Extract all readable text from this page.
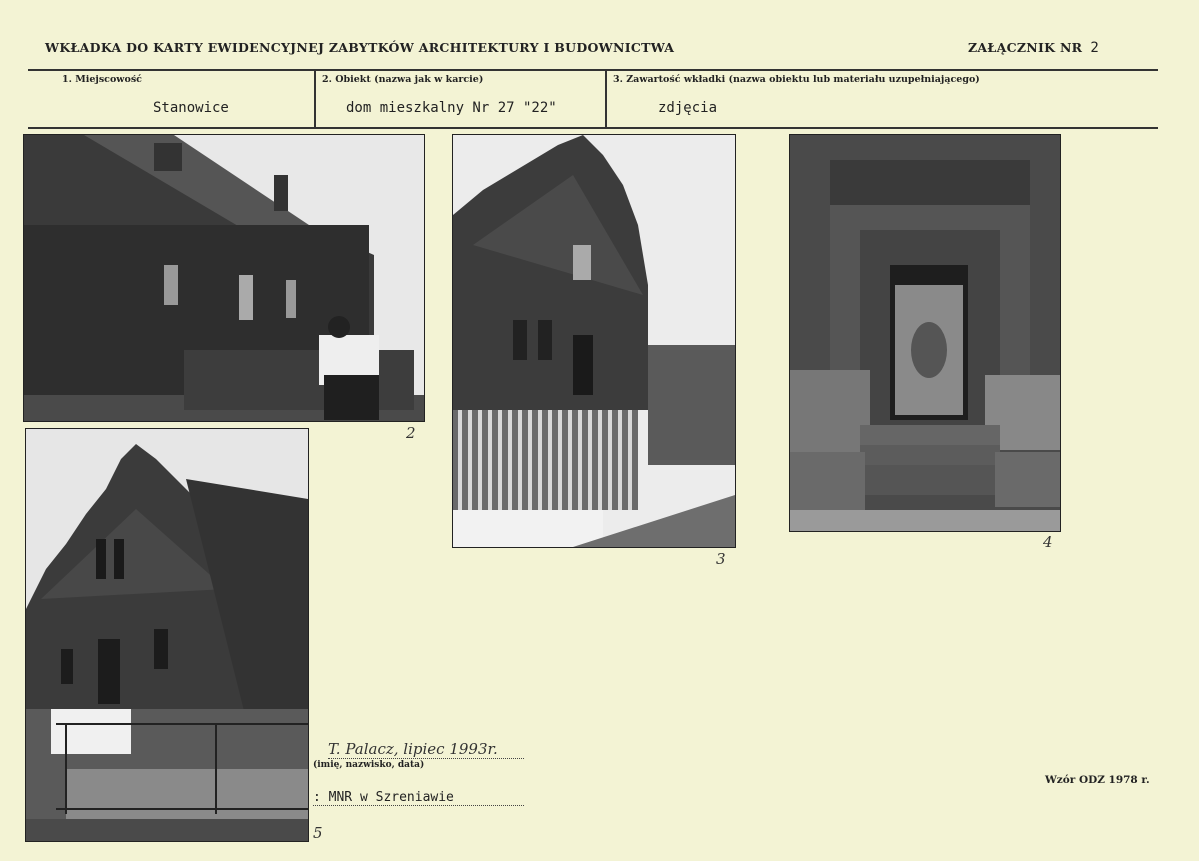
WKŁADKA DO KARTY EWIDENCYJNEJ ZABYTKÓW ARCHITEKTURY I BUDOWNICTWA	ZAŁĄCZNIK NR 2
1. Miejscowość
Stanowice
2. Obiekt (nazwa jak w karcie)
dom mieszkalny Nr 27 "22"
3. Zawartość wkładki (nazwa obiektu lub materiału uzupełniającego)
zdjęcia
2
3
4
5
T. Palacz, lipiec 1993r.
(imię, nazwisko, data)
: MNR w Szreniawie
Wzór ODZ 1978 r.
